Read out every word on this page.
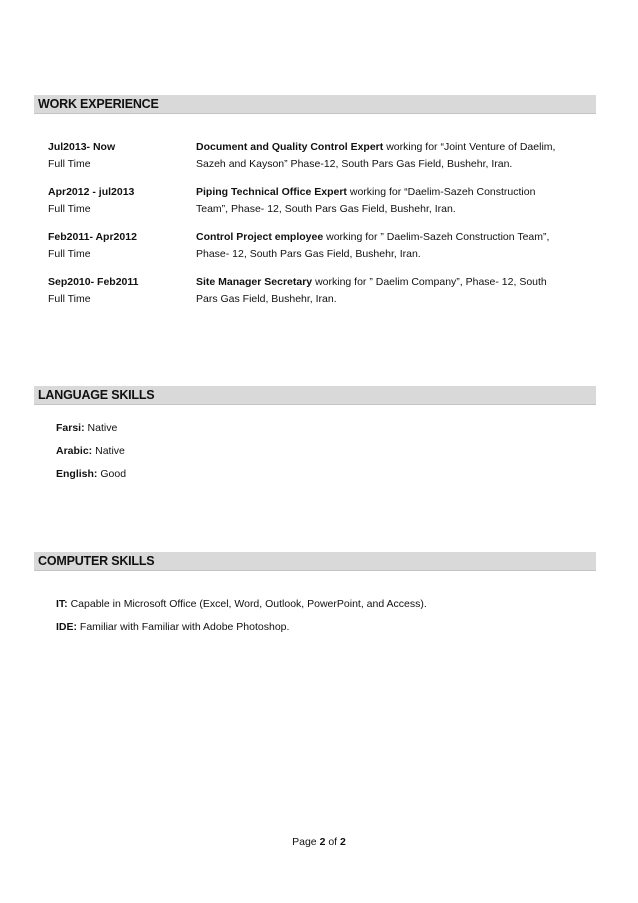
WORK EXPERIENCE
Jul2013- Now
Full Time
Document and Quality Control Expert working for “Joint Venture of Daelim,
Sazeh and Kayson” Phase-12, South Pars Gas Field, Bushehr, Iran.
Apr2012 - jul2013
Full Time
Piping Technical Office Expert working for “Daelim-Sazeh Construction
Team”, Phase- 12, South Pars Gas Field, Bushehr, Iran.
Feb2011- Apr2012
Full Time
Control Project employee working for ” Daelim-Sazeh Construction Team”,
Phase- 12, South Pars Gas Field, Bushehr, Iran.
Sep2010- Feb2011
Full Time
Site Manager Secretary working for ” Daelim Company”, Phase- 12, South
Pars Gas Field, Bushehr, Iran.
LANGUAGE SKILLS
Farsi: Native
Arabic: Native
English: Good
COMPUTER SKILLS
IT: Capable in Microsoft Office (Excel, Word, Outlook, PowerPoint, and Access).
IDE: Familiar with Familiar with Adobe Photoshop.
Page 2 of 2
